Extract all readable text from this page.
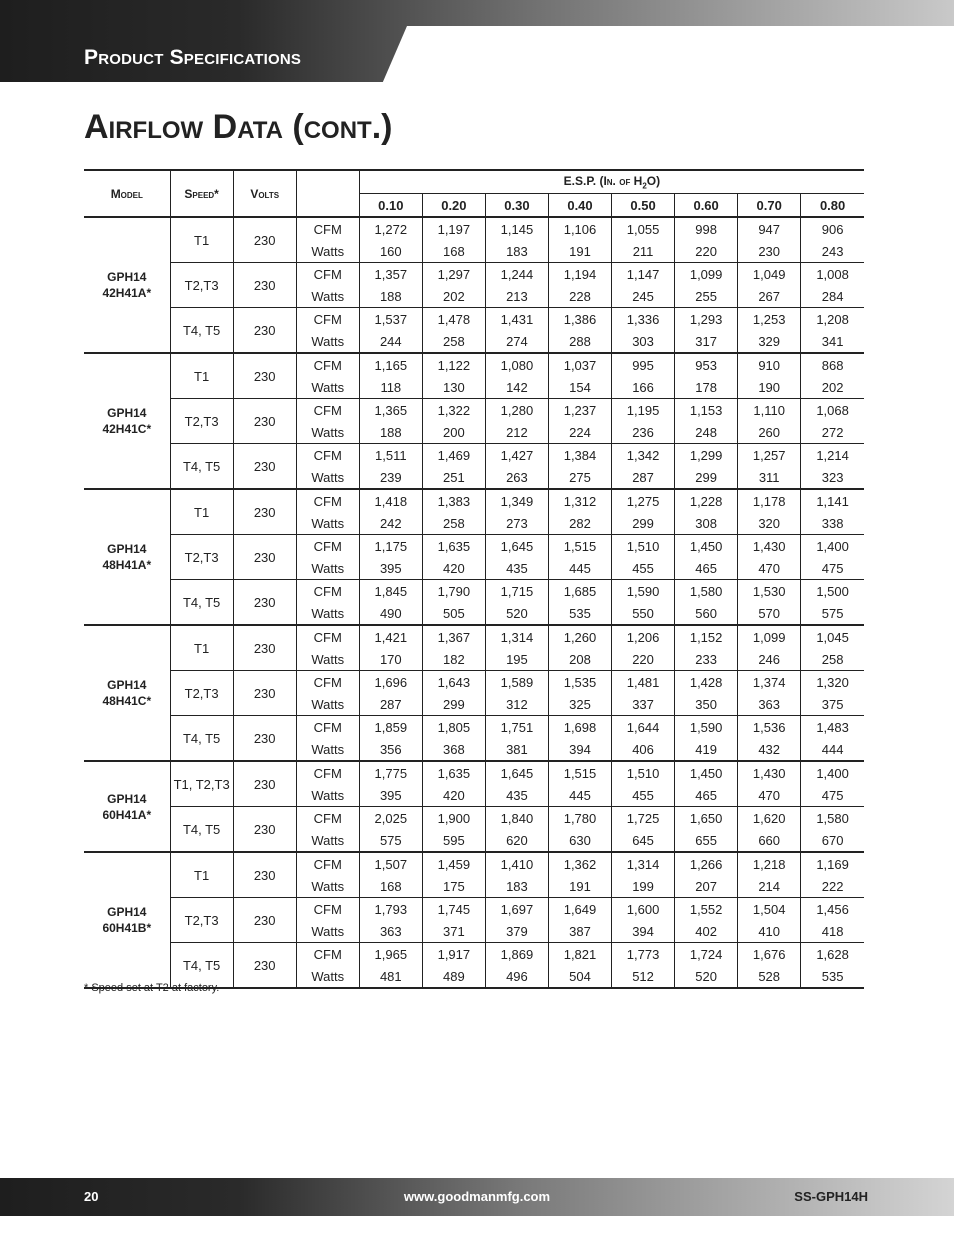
Product Specifications
Airflow Data (cont.)
Model	Speed*	Volts		E.S.P. (In. of $H_2O$)							
				0.10	0.20	0.30	0.40	0.50	0.60	0.70	0.80

GPH14
42H41A*	T1	230	CFM	1,272	1,197	1,145	1,106	1,055	998	947	906
			Watts	160	168	183	191	211	220	230	243
	T2,T3	230	CFM	1,357	1,297	1,244	1,194	1,147	1,099	1,049	1,008
			Watts	188	202	213	228	245	255	267	284
	T4, T5	230	CFM	1,537	1,478	1,431	1,386	1,336	1,293	1,253	1,208
			Watts	244	258	274	288	303	317	329	341

GPH14
42H41C*	T1	230	CFM	1,165	1,122	1,080	1,037	995	953	910	868
			Watts	118	130	142	154	166	178	190	202
	T2,T3	230	CFM	1,365	1,322	1,280	1,237	1,195	1,153	1,110	1,068
			Watts	188	200	212	224	236	248	260	272
	T4, T5	230	CFM	1,511	1,469	1,427	1,384	1,342	1,299	1,257	1,214
			Watts	239	251	263	275	287	299	311	323

GPH14
48H41A*	T1	230	CFM	1,418	1,383	1,349	1,312	1,275	1,228	1,178	1,141
			Watts	242	258	273	282	299	308	320	338
	T2,T3	230	CFM	1,175	1,635	1,645	1,515	1,510	1,450	1,430	1,400
			Watts	395	420	435	445	455	465	470	475
	T4, T5	230	CFM	1,845	1,790	1,715	1,685	1,590	1,580	1,530	1,500
			Watts	490	505	520	535	550	560	570	575

GPH14
48H41C*	T1	230	CFM	1,421	1,367	1,314	1,260	1,206	1,152	1,099	1,045
			Watts	170	182	195	208	220	233	246	258
	T2,T3	230	CFM	1,696	1,643	1,589	1,535	1,481	1,428	1,374	1,320
			Watts	287	299	312	325	337	350	363	375
	T4, T5	230	CFM	1,859	1,805	1,751	1,698	1,644	1,590	1,536	1,483
			Watts	356	368	381	394	406	419	432	444

GPH14
60H41A*	T1, T2,T3	230	CFM	1,775	1,635	1,645	1,515	1,510	1,450	1,430	1,400
			Watts	395	420	435	445	455	465	470	475
	T4, T5	230	CFM	2,025	1,900	1,840	1,780	1,725	1,650	1,620	1,580
			Watts	575	595	620	630	645	655	660	670

GPH14
60H41B*	T1	230	CFM	1,507	1,459	1,410	1,362	1,314	1,266	1,218	1,169
			Watts	168	175	183	191	199	207	214	222
	T2,T3	230	CFM	1,793	1,745	1,697	1,649	1,600	1,552	1,504	1,456
			Watts	363	371	379	387	394	402	410	418
	T4, T5	230	CFM	1,965	1,917	1,869	1,821	1,773	1,724	1,676	1,628
			Watts	481	489	496	504	512	520	528	535
* Speed set at T2 at factory.
www.goodmanmfg.com
20	SS-GPH14H
